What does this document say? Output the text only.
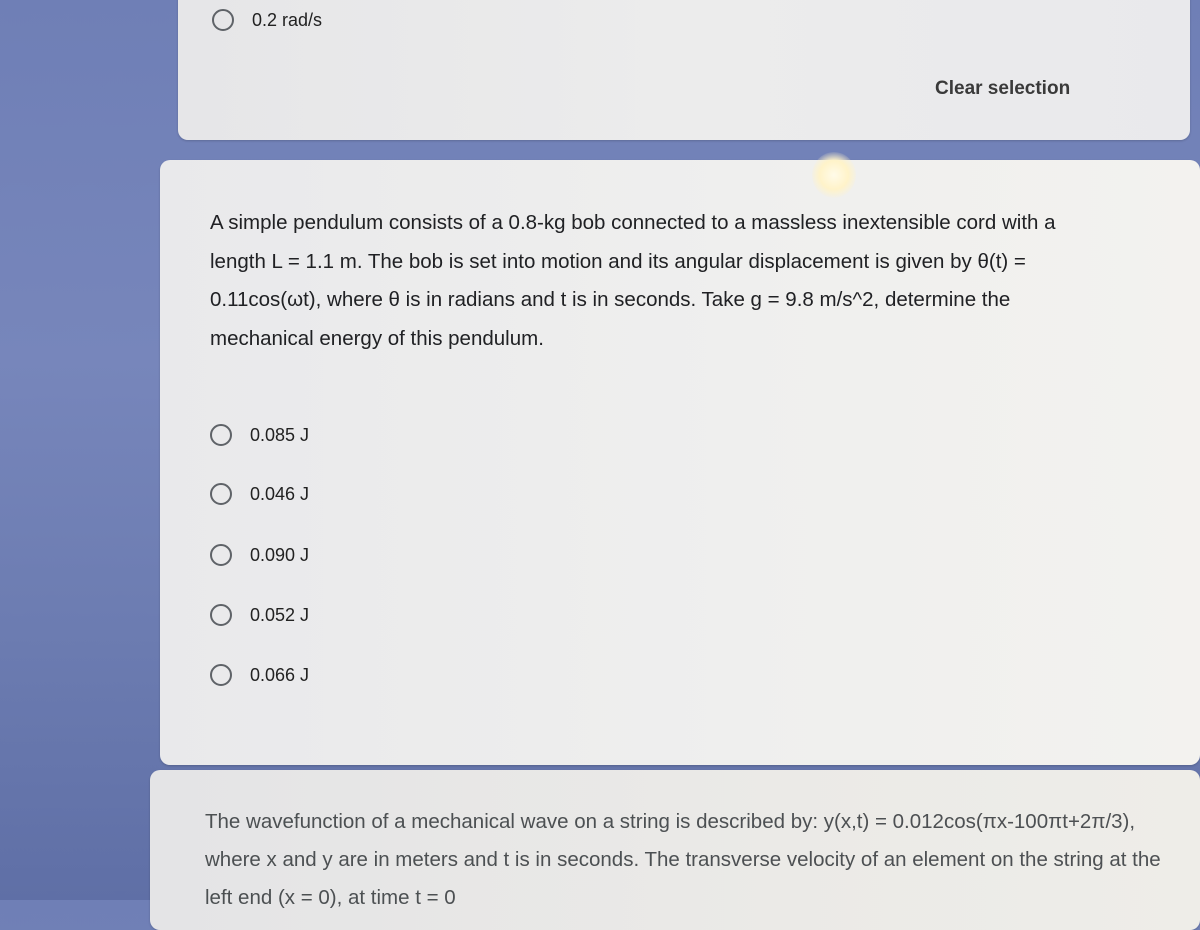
0.2 rad/s
Clear selection

A simple pendulum consists of a 0.8-kg bob connected to a massless inextensible cord with a length L = 1.1 m. The bob is set into motion and its angular displacement is given by θ(t) = 0.11cos(ωt), where θ is in radians and t is in seconds. Take g = 9.8 m/s^2, determine the mechanical energy of this pendulum.

0.085 J
0.046 J
0.090 J
0.052 J
0.066 J

The wavefunction of a mechanical wave on a string is described by: y(x,t) = 0.012cos(πx-100πt+2π/3), where x and y are in meters and t is in seconds. The transverse velocity of an element on the string at the left end (x = 0), at time t = 0
